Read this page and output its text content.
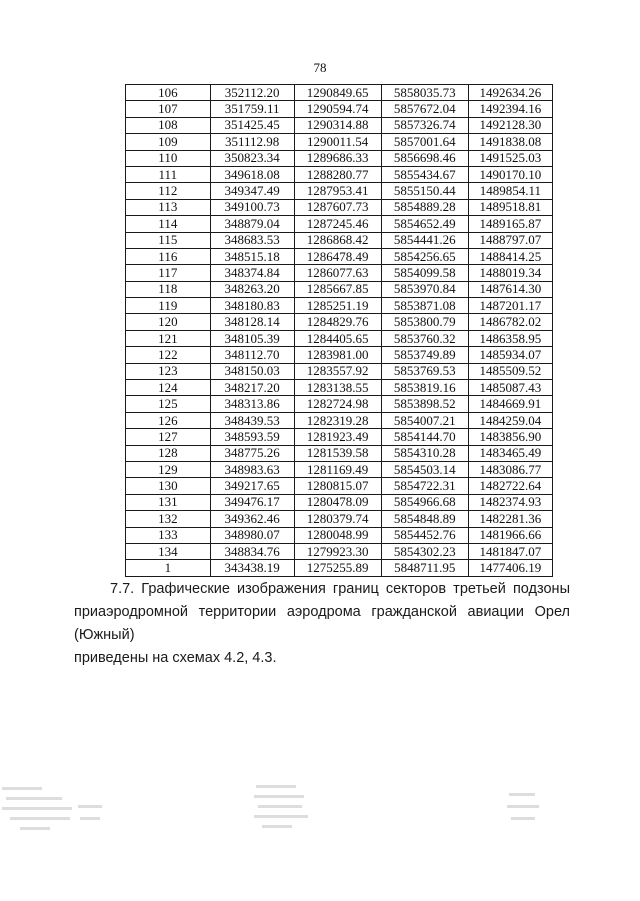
78
106	352112.20	1290849.65	5858035.73	1492634.26
107	351759.11	1290594.74	5857672.04	1492394.16
108	351425.45	1290314.88	5857326.74	1492128.30
109	351112.98	1290011.54	5857001.64	1491838.08
110	350823.34	1289686.33	5856698.46	1491525.03
111	349618.08	1288280.77	5855434.67	1490170.10
112	349347.49	1287953.41	5855150.44	1489854.11
113	349100.73	1287607.73	5854889.28	1489518.81
114	348879.04	1287245.46	5854652.49	1489165.87
115	348683.53	1286868.42	5854441.26	1488797.07
116	348515.18	1286478.49	5854256.65	1488414.25
117	348374.84	1286077.63	5854099.58	1488019.34
118	348263.20	1285667.85	5853970.84	1487614.30
119	348180.83	1285251.19	5853871.08	1487201.17
120	348128.14	1284829.76	5853800.79	1486782.02
121	348105.39	1284405.65	5853760.32	1486358.95
122	348112.70	1283981.00	5853749.89	1485934.07
123	348150.03	1283557.92	5853769.53	1485509.52
124	348217.20	1283138.55	5853819.16	1485087.43
125	348313.86	1282724.98	5853898.52	1484669.91
126	348439.53	1282319.28	5854007.21	1484259.04
127	348593.59	1281923.49	5854144.70	1483856.90
128	348775.26	1281539.58	5854310.28	1483465.49
129	348983.63	1281169.49	5854503.14	1483086.77
130	349217.65	1280815.07	5854722.31	1482722.64
131	349476.17	1280478.09	5854966.68	1482374.93
132	349362.46	1280379.74	5854848.89	1482281.36
133	348980.07	1280048.99	5854452.76	1481966.66
134	348834.76	1279923.30	5854302.23	1481847.07
1	343438.19	1275255.89	5848711.95	1477406.19
7.7. Графические изображения границ секторов третьей подзоны
приаэродромной территории аэродрома гражданской авиации Орел (Южный)
приведены на схемах 4.2, 4.3.
